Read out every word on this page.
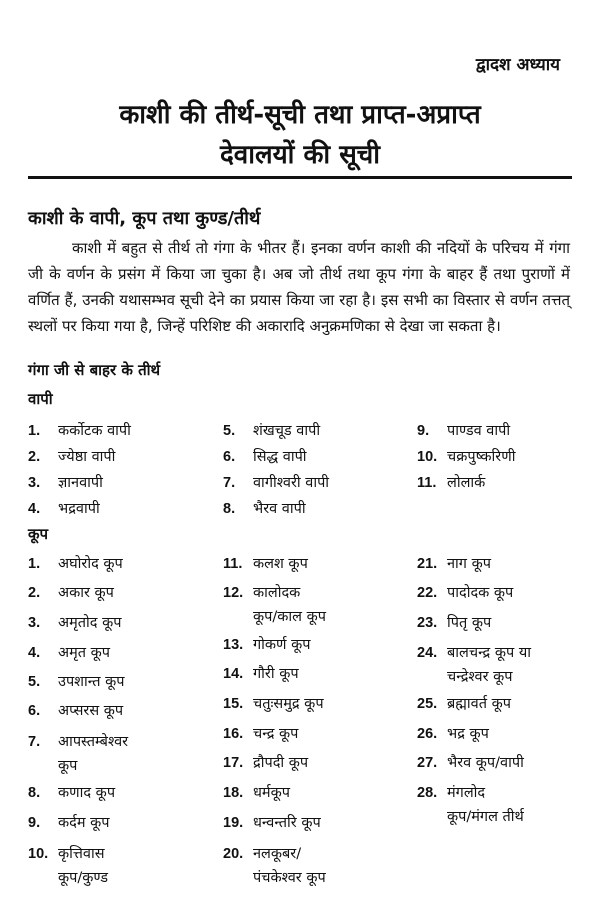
द्वादश अध्याय
काशी की तीर्थ-सूची तथा प्राप्त-अप्राप्त
देवालयों की सूची
काशी के वापी, कूप तथा कुण्ड/तीर्थ
काशी में बहुत से तीर्थ तो गंगा के भीतर हैं। इनका वर्णन काशी की नदियों के परिचय में गंगा जी के वर्णन के प्रसंग में किया जा चुका है। अब जो तीर्थ तथा कूप गंगा के बाहर हैं तथा पुराणों में वर्णित हैं, उनकी यथासम्भव सूची देने का प्रयास किया जा रहा है। इस सभी का विस्तार से वर्णन तत्तत् स्थलों पर किया गया है, जिन्हें परिशिष्ट की अकारादि अनुक्रमणिका से देखा जा सकता है।
गंगा जी से बाहर के तीर्थ
वापी
1. कर्कोटक वापी
2. ज्येष्ठा वापी
3. ज्ञानवापी
4. भद्रवापी
5. शंखचूड वापी
6. सिद्ध वापी
7. वागीश्वरी वापी
8. भैरव वापी
9. पाण्डव वापी
10. चक्रपुष्करिणी
11. लोलार्क
कूप
1. अघोरोद कूप
2. अकार कूप
3. अमृतोद कूप
4. अमृत कूप
5. उपशान्त कूप
6. अप्सरस कूप
7. आपस्तम्बेश्वर
कूप
8. कणाद कूप
9. कर्दम कूप
10. कृत्तिवास
कूप/कुण्ड
11. कलश कूप
12. कालोदक
कूप/काल कूप
13. गोकर्ण कूप
14. गौरी कूप
15. चतुःसमुद्र कूप
16. चन्द्र कूप
17. द्रौपदी कूप
18. धर्मकूप
19. धन्वन्तरि कूप
20. नलकूबर/
पंचकेश्वर कूप
21. नाग कूप
22. पादोदक कूप
23. पितृ कूप
24. बालचन्द्र कूप या
चन्द्रेश्वर कूप
25. ब्रह्मावर्त कूप
26. भद्र कूप
27. भैरव कूप/वापी
28. मंगलोद
कूप/मंगल तीर्थ
